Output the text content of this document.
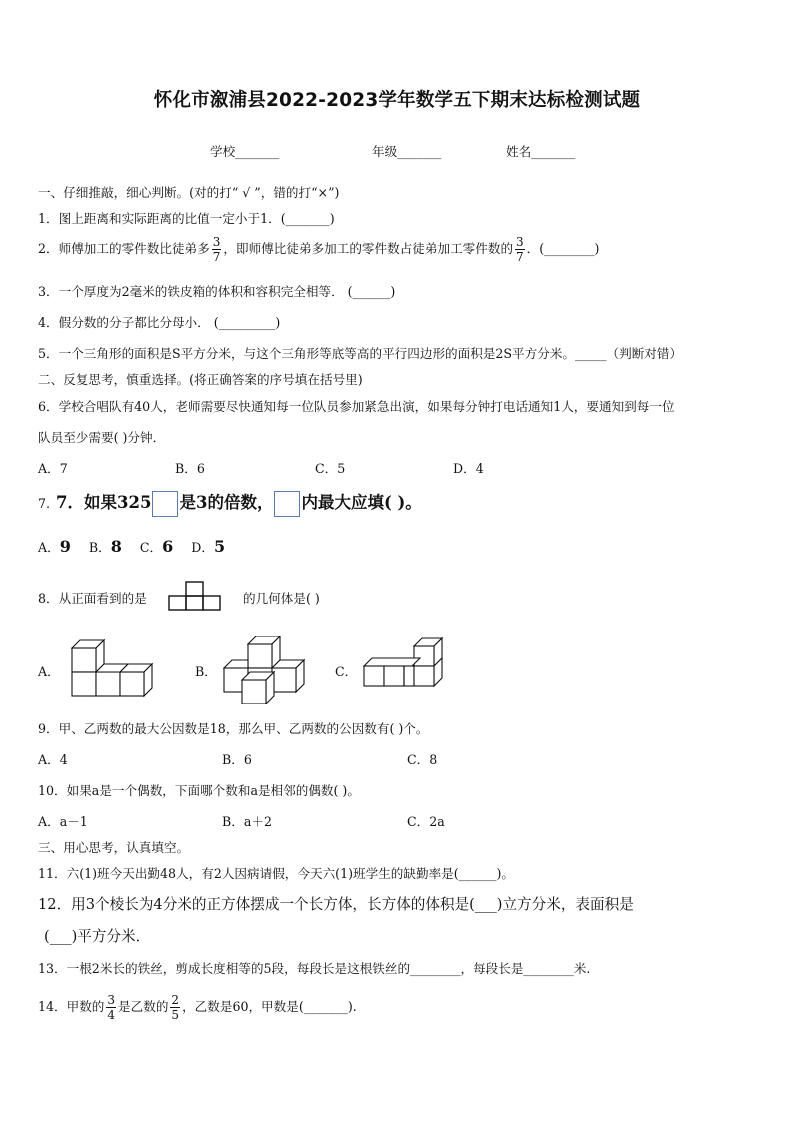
怀化市溆浦县2022-2023学年数学五下期末达标检测试题
学校_______	年级_______	姓名_______
一、仔细推敲，细心判断。(对的打“ √ ”，错的打“×”)
1．图上距离和实际距离的比值一定小于1．(_______)
2．师傅加工的零件数比徒弟多 $\frac{3}{7}$ ，即师傅比徒弟多加工的零件数占徒弟加工零件数的 $\frac{3}{7}$ ．(________)
3．一个厚度为2毫米的铁皮箱的体积和容积完全相等． (______)
4．假分数的分子都比分母小． (_________)
5．一个三角形的面积是S平方分米，与这个三角形等底等高的平行四边形的面积是2S平方分米。_____（判断对错）
二、反复思考，慎重选择。(将正确答案的序号填在括号里)
6．学校合唱队有40人，老师需要尽快通知每一位队员参加紧急出演，如果每分钟打电话通知1人，要通知到每一位
队员至少需要( )分钟．
A．7	B．6	C．5	D．4
7. 7．如果325 是3的倍数， 内最大应填( )。
A．9 B．8 C．6 D．5
8．从正面看到的是	的几何体是( )
A．	B．	C．
9．甲、乙两数的最大公因数是18，那么甲、乙两数的公因数有( )个。
A．4	B．6	C．8
10．如果a是一个偶数，下面哪个数和a是相邻的偶数( )。
A．a－1	B．a＋2	C．2a
三、用心思考，认真填空。
11．六(1)班今天出勤48人，有2人因病请假，今天六(1)班学生的缺勤率是(______)。
12．用3个棱长为4分米的正方体摆成一个长方体，长方体的体积是(___)立方分米，表面积是
(___)平方分米．
13．一根2米长的铁丝，剪成长度相等的5段，每段长是这根铁丝的________，每段长是________米.
14．甲数的 $\frac{3}{4}$ 是乙数的 $\frac{2}{5}$ ，乙数是60，甲数是(_______).
